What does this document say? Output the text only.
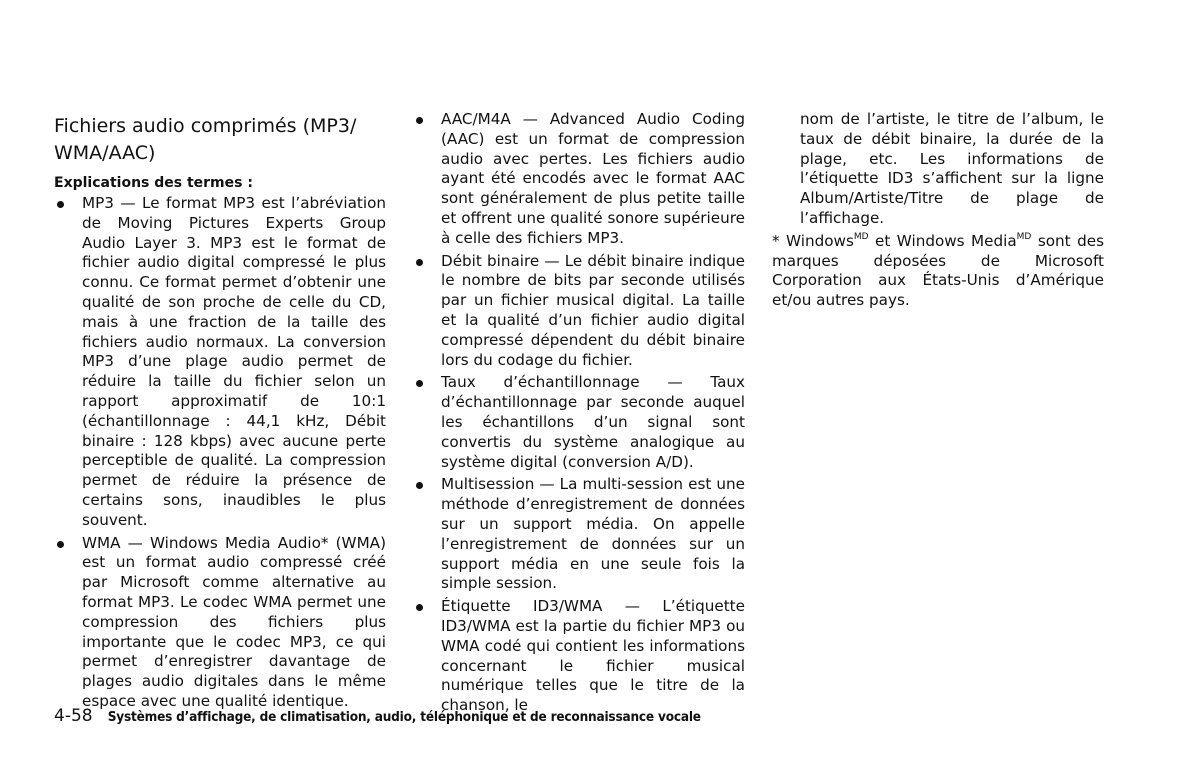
Fichiers audio comprimés (MP3/
WMA/AAC)
Explications des termes :
MP3 — Le format MP3 est l’abréviation de Moving Pictures Experts Group Audio Layer 3. MP3 est le format de fichier audio digital compressé le plus connu. Ce format permet d’obtenir une qualité de son proche de celle du CD, mais à une fraction de la taille des fichiers audio normaux. La conversion MP3 d’une plage audio permet de réduire la taille du fichier selon un rapport approximatif de 10:1 (échantillonnage : 44,1 kHz, Débit binaire : 128 kbps) avec aucune perte perceptible de qualité. La compression permet de réduire la présence de certains sons, inaudibles le plus souvent.
WMA — Windows Media Audio* (WMA) est un format audio compressé créé par Microsoft comme alternative au format MP3. Le codec WMA permet une compression des fichiers plus importante que le codec MP3, ce qui permet d’enregistrer davantage de plages audio digitales dans le même espace avec une qualité identique.
AAC/M4A — Advanced Audio Coding (AAC) est un format de compression audio avec pertes. Les fichiers audio ayant été encodés avec le format AAC sont généralement de plus petite taille et offrent une qualité sonore supérieure à celle des fichiers MP3.
Débit binaire — Le débit binaire indique le nombre de bits par seconde utilisés par un fichier musical digital. La taille et la qualité d’un fichier audio digital compressé dépendent du débit binaire lors du codage du fichier.
Taux d’échantillonnage — Taux d’échantillonnage par seconde auquel les échantillons d’un signal sont convertis du système analogique au système digital (conversion A/D).
Multisession — La multi-session est une méthode d’enregistrement de données sur un support média. On appelle l’enregistrement de données sur un support média en une seule fois la simple session.
Étiquette ID3/WMA — L’étiquette ID3/WMA est la partie du fichier MP3 ou WMA codé qui contient les informations concernant le fichier musical numérique telles que le titre de la chanson, le
nom de l’artiste, le titre de l’album, le taux de débit binaire, la durée de la plage, etc. Les informations de l’étiquette ID3 s’affichent sur la ligne Album/Artiste/Titre de plage de l’affichage.
* Windows$^{MD}$ et Windows Media$^{MD}$ sont des marques déposées de Microsoft Corporation aux États-Unis d’Amérique et/ou autres pays.
4-58 Systèmes d’affichage, de climatisation, audio, téléphonique et de reconnaissance vocale
